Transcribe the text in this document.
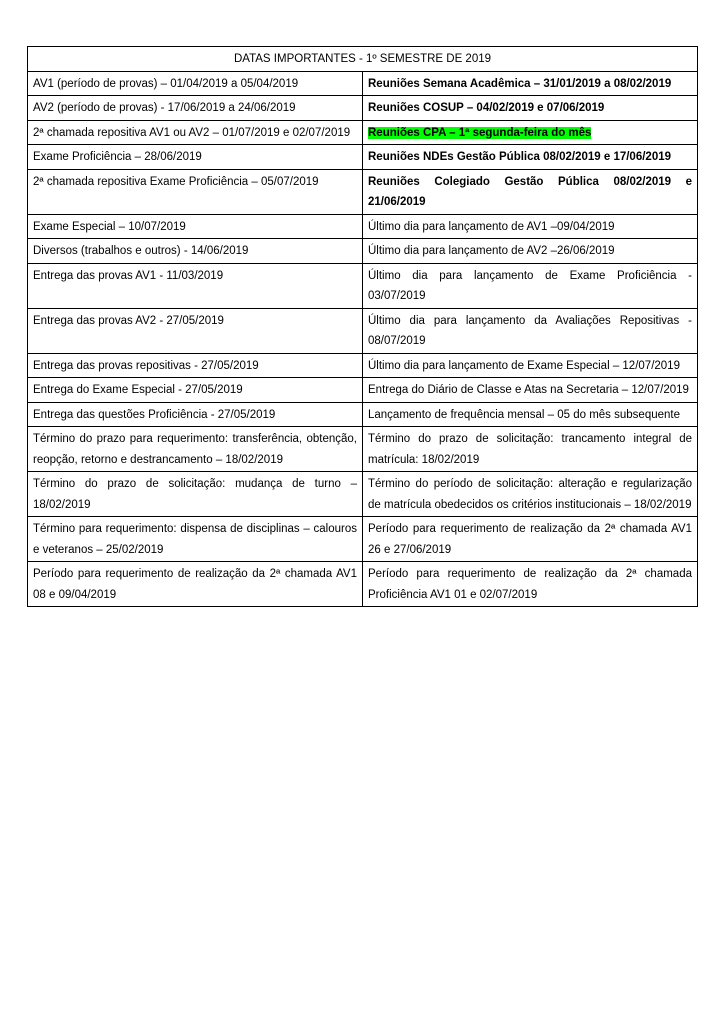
DATAS IMPORTANTES - 1º SEMESTRE DE 2019	
AV1 (período de provas) – 01/04/2019 a 05/04/2019	Reuniões Semana Acadêmica – 31/01/2019 a 08/02/2019
AV2 (período de provas) - 17/06/2019 a 24/06/2019	Reuniões COSUP – 04/02/2019 e 07/06/2019
2ª chamada repositiva AV1 ou AV2 – 01/07/2019 e 02/07/2019	Reuniões CPA – 1ª segunda-feira do mês
Exame Proficiência – 28/06/2019	Reuniões NDEs Gestão Pública 08/02/2019 e 17/06/2019
2ª chamada repositiva Exame Proficiência – 05/07/2019	Reuniões Colegiado Gestão Pública 08/02/2019 e 21/06/2019
Exame Especial – 10/07/2019	Último dia para lançamento de AV1 –09/04/2019
Diversos (trabalhos e outros) - 14/06/2019	Último dia para lançamento de AV2 –26/06/2019
Entrega das provas AV1 - 11/03/2019	Último dia para lançamento de Exame Proficiência - 03/07/2019
Entrega das provas AV2 - 27/05/2019	Último dia para lançamento da Avaliações Repositivas - 08/07/2019
Entrega das provas repositivas - 27/05/2019	Último dia para lançamento de Exame Especial – 12/07/2019
Entrega do Exame Especial - 27/05/2019	Entrega do Diário de Classe e Atas na Secretaria – 12/07/2019
Entrega das questões Proficiência - 27/05/2019	Lançamento de frequência mensal – 05 do mês subsequente
Término do prazo para requerimento: transferência, obtenção, reopção, retorno e destrancamento – 18/02/2019	Término do prazo de solicitação: trancamento integral de matrícula: 18/02/2019
Término do prazo de solicitação: mudança de turno – 18/02/2019	Término do período de solicitação: alteração e regularização de matrícula obedecidos os critérios institucionais – 18/02/2019
Término para requerimento: dispensa de disciplinas – calouros e veteranos – 25/02/2019	Período para requerimento de realização da 2ª chamada AV1 26 e 27/06/2019
Período para requerimento de realização da 2ª chamada AV1 08 e 09/04/2019	Período para requerimento de realização da 2ª chamada Proficiência AV1 01 e 02/07/2019
